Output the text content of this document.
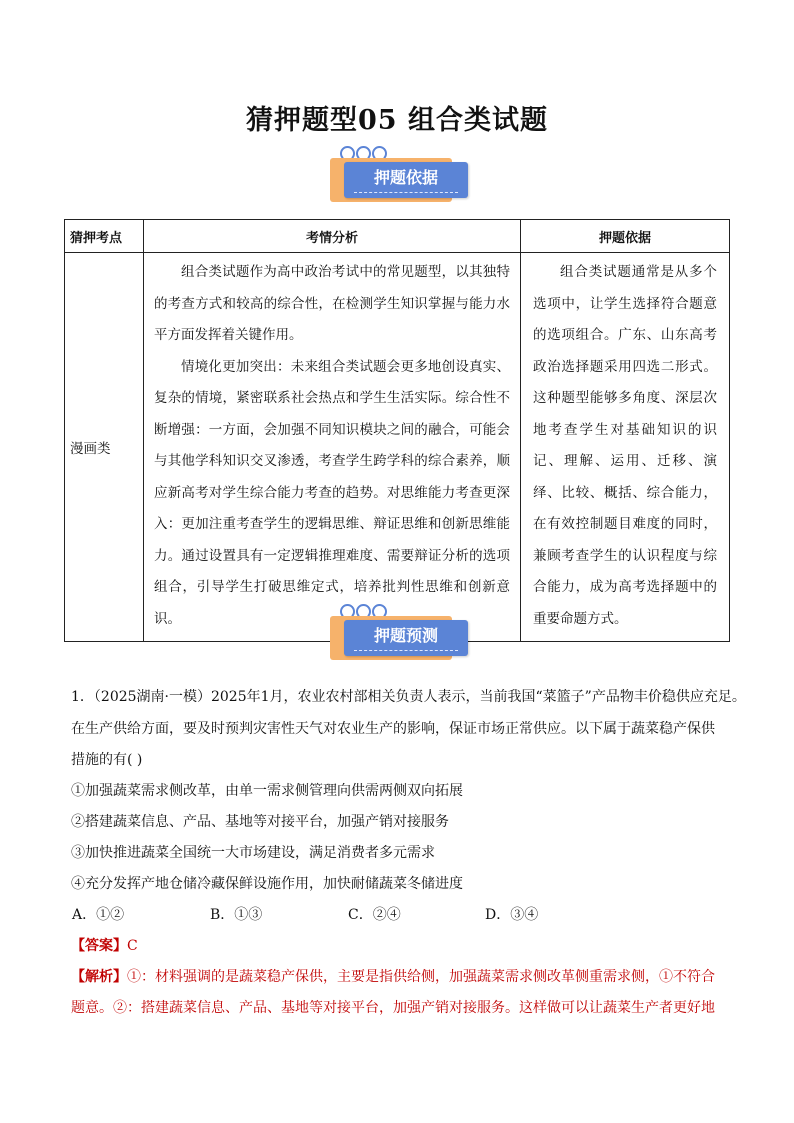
猜押题型05 组合类试题
押题依据
猜押考点	考情分析	押题依据
漫画类	组合类试题作为高中政治考试中的常见题型，以其独特的考查方式和较高的综合性，在检测学生知识掌握与能力水平方面发挥着关键作用。

情境化更加突出：未来组合类试题会更多地创设真实、复杂的情境，紧密联系社会热点和学生生活实际。综合性不断增强：一方面，会加强不同知识模块之间的融合，可能会与其他学科知识交叉渗透，考查学生跨学科的综合素养，顺应新高考对学生综合能力考查的趋势。对思维能力考查更深入：更加注重考查学生的逻辑思维、辩证思维和创新思维能力。通过设置具有一定逻辑推理难度、需要辩证分析的选项组合，引导学生打破思维定式，培养批判性思维和创新意识。	组合类试题通常是从多个选项中，让学生选择符合题意的选项组合。广东、山东高考政治选择题采用四选二形式。这种题型能够多角度、深层次地考查学生对基础知识的识记、理解、运用、迁移、演绎、比较、概括、综合能力，在有效控制题目难度的同时，兼顾考查学生的认识程度与综合能力，成为高考选择题中的重要命题方式。

押题预测
1．（2025湖南·一模）2025年1月，农业农村部相关负责人表示，当前我国“菜篮子”产品物丰价稳供应充足。
在生产供给方面，要及时预判灾害性天气对农业生产的影响，保证市场正常供应。以下属于蔬菜稳产保供
措施的有( )
①加强蔬菜需求侧改革，由单一需求侧管理向供需两侧双向拓展
②搭建蔬菜信息、产品、基地等对接平台，加强产销对接服务
③加快推进蔬菜全国统一大市场建设，满足消费者多元需求
④充分发挥产地仓储冷藏保鲜设施作用，加快耐储蔬菜冬储进度
A．①②	B．①③	C．②④	D．③④
【答案】C
【解析】①：材料强调的是蔬菜稳产保供，主要是指供给侧，加强蔬菜需求侧改革侧重需求侧，①不符合
题意。②：搭建蔬菜信息、产品、基地等对接平台，加强产销对接服务。这样做可以让蔬菜生产者更好地
